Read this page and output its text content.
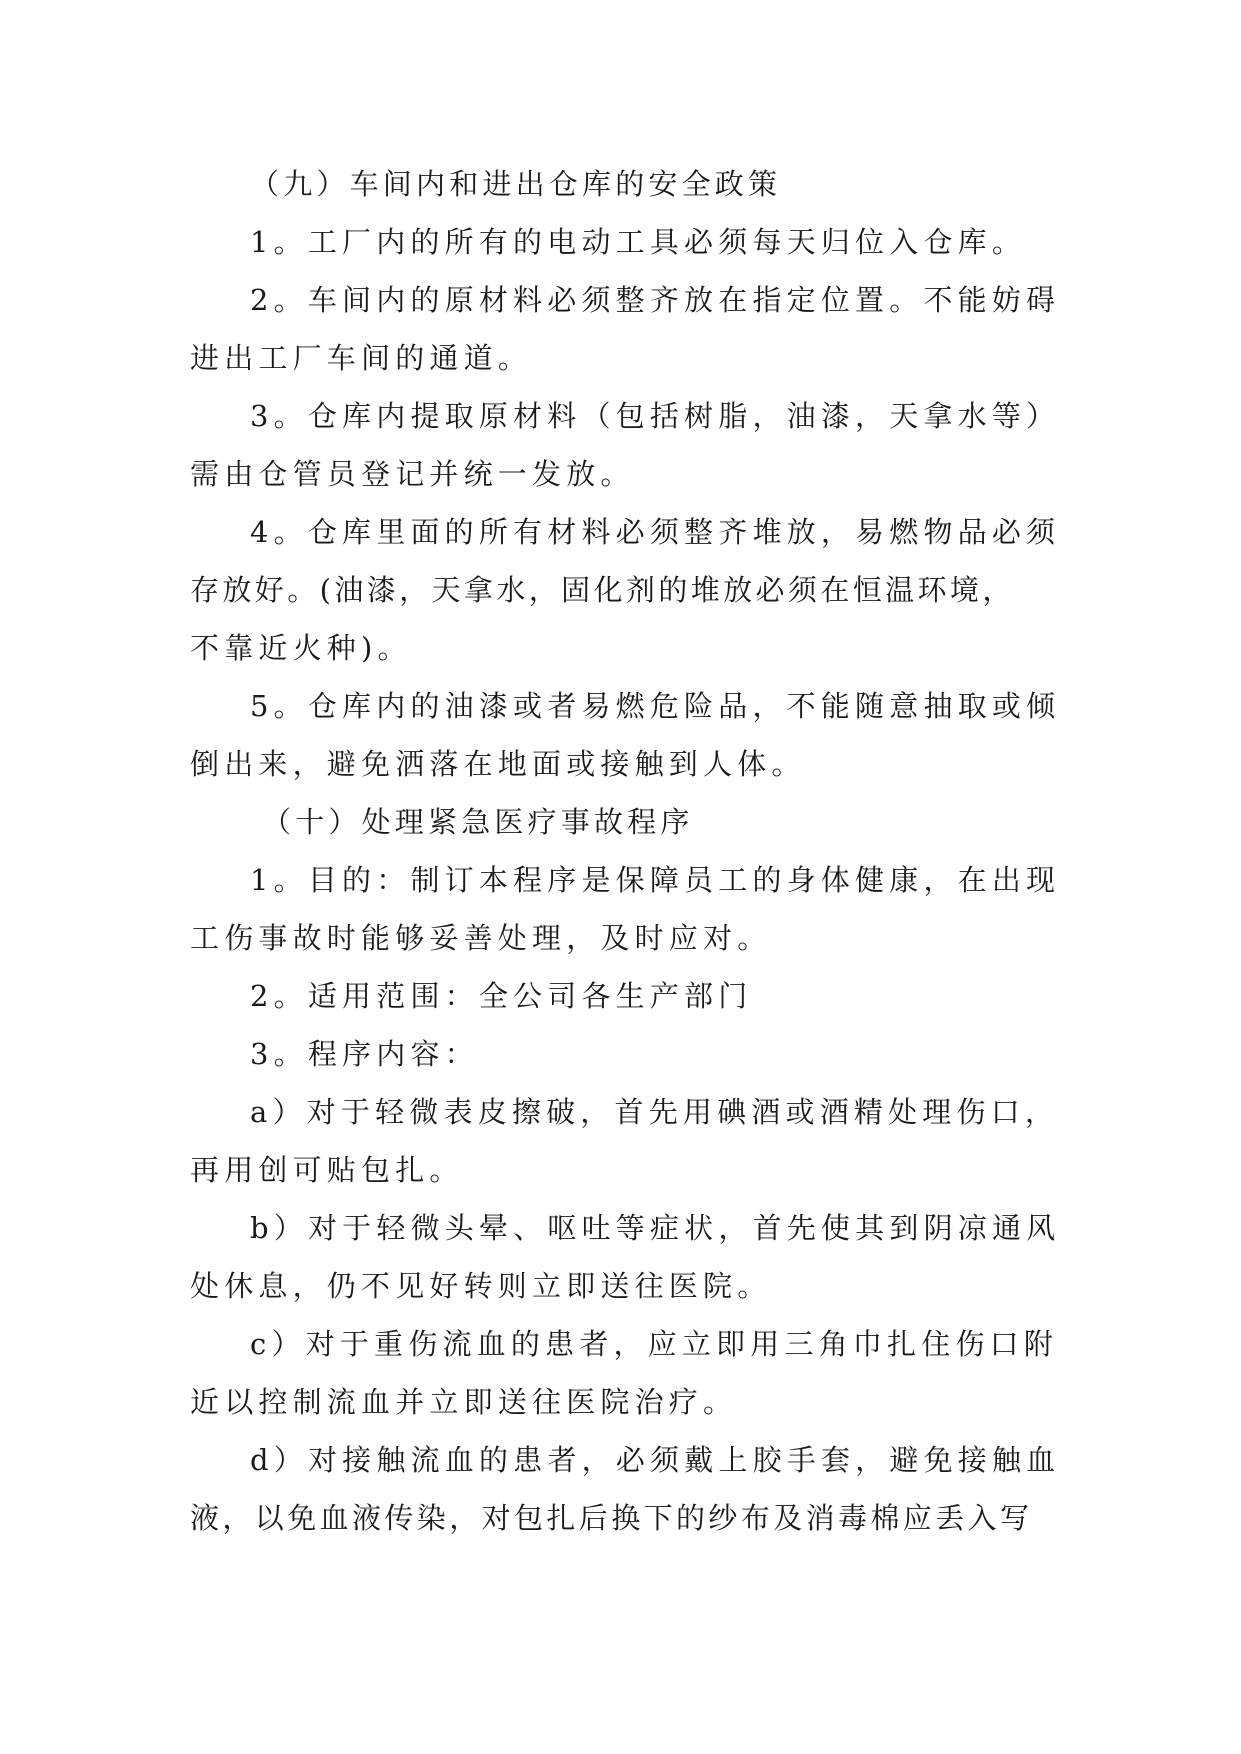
（九）车间内和进出仓库的安全政策
1。工厂内的所有的电动工具必须每天归位入仓库。
2。车间内的原材料必须整齐放在指定位置。不能妨碍
进出工厂车间的通道。
3。仓库内提取原材料（包括树脂，油漆，天拿水等）
需由仓管员登记并统一发放。
4。仓库里面的所有材料必须整齐堆放，易燃物品必须
存放好。(油漆，天拿水，固化剂的堆放必须在恒温环境，
不靠近火种)。
5。仓库内的油漆或者易燃危险品，不能随意抽取或倾
倒出来，避免洒落在地面或接触到人体。
（十）处理紧急医疗事故程序
1。目的：制订本程序是保障员工的身体健康，在出现
工伤事故时能够妥善处理，及时应对。
2。适用范围：全公司各生产部门
3。程序内容：
a）对于轻微表皮擦破，首先用碘酒或酒精处理伤口，
再用创可贴包扎。
b）对于轻微头晕、呕吐等症状，首先使其到阴凉通风
处休息，仍不见好转则立即送往医院。
c）对于重伤流血的患者，应立即用三角巾扎住伤口附
近以控制流血并立即送往医院治疗。
d）对接触流血的患者，必须戴上胶手套，避免接触血
液，以免血液传染，对包扎后换下的纱布及消毒棉应丢入写
